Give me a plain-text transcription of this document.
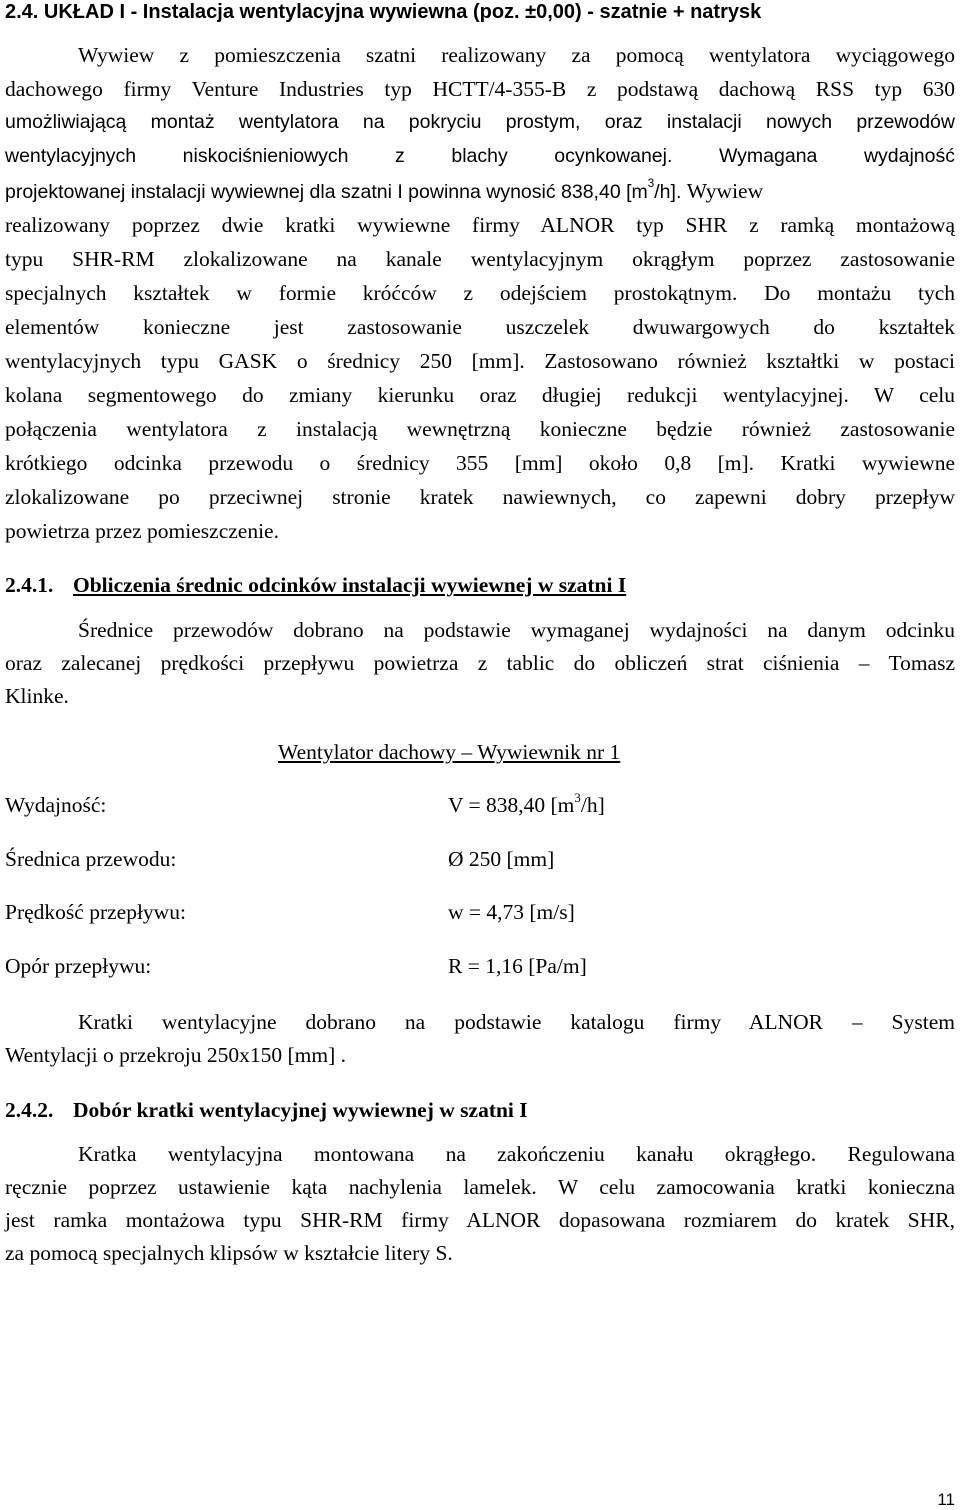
2.4. UKŁAD I - Instalacja wentylacyjna wywiewna (poz. ±0,00) - szatnie + natrysk
Wywiew z pomieszczenia szatni realizowany za pomocą wentylatora wyciągowego
dachowego firmy Venture Industries typ HCTT/4-355-B z podstawą dachową RSS typ 630
umożliwiającą montaż wentylatora na pokryciu prostym, oraz instalacji nowych przewodów
wentylacyjnych niskociśnieniowych z blachy ocynkowanej. Wymagana wydajność
projektowanej instalacji wywiewnej dla szatni I powinna wynosić 838,40 $[m^3/h]$. Wywiew
realizowany poprzez dwie kratki wywiewne firmy ALNOR typ SHR z ramką montażową
typu SHR-RM zlokalizowane na kanale wentylacyjnym okrągłym poprzez zastosowanie
specjalnych kształtek w formie króćców z odejściem prostokątnym. Do montażu tych
elementów konieczne jest zastosowanie uszczelek dwuwargowych do kształtek
wentylacyjnych typu GASK o średnicy 250 [mm]. Zastosowano również kształtki w postaci
kolana segmentowego do zmiany kierunku oraz długiej redukcji wentylacyjnej. W celu
połączenia wentylatora z instalacją wewnętrzną konieczne będzie również zastosowanie
krótkiego odcinka przewodu o średnicy 355 [mm] około 0,8 [m]. Kratki wywiewne
zlokalizowane po przeciwnej stronie kratek nawiewnych, co zapewni dobry przepływ
powietrza przez pomieszczenie.
2.4.1. Obliczenia średnic odcinków instalacji wywiewnej w szatni I
Średnice przewodów dobrano na podstawie wymaganej wydajności na danym odcinku
oraz zalecanej prędkości przepływu powietrza z tablic do obliczeń strat ciśnienia – Tomasz
Klinke.
Wentylator dachowy – Wywiewnik nr 1
Wydajność:	V = 838,40 $[m^3/h]$
Średnica przewodu:	Ø 250 [mm]
Prędkość przepływu:	w = 4,73 [m/s]
Opór przepływu:	R = 1,16 [Pa/m]
Kratki wentylacyjne dobrano na podstawie katalogu firmy ALNOR – System
Wentylacji o przekroju 250x150 [mm] .
2.4.2. Dobór kratki wentylacyjnej wywiewnej w szatni I
Kratka wentylacyjna montowana na zakończeniu kanału okrągłego. Regulowana
ręcznie poprzez ustawienie kąta nachylenia lamelek. W celu zamocowania kratki konieczna
jest ramka montażowa typu SHR-RM firmy ALNOR dopasowana rozmiarem do kratek SHR,
za pomocą specjalnych klipsów w kształcie litery S.
11
